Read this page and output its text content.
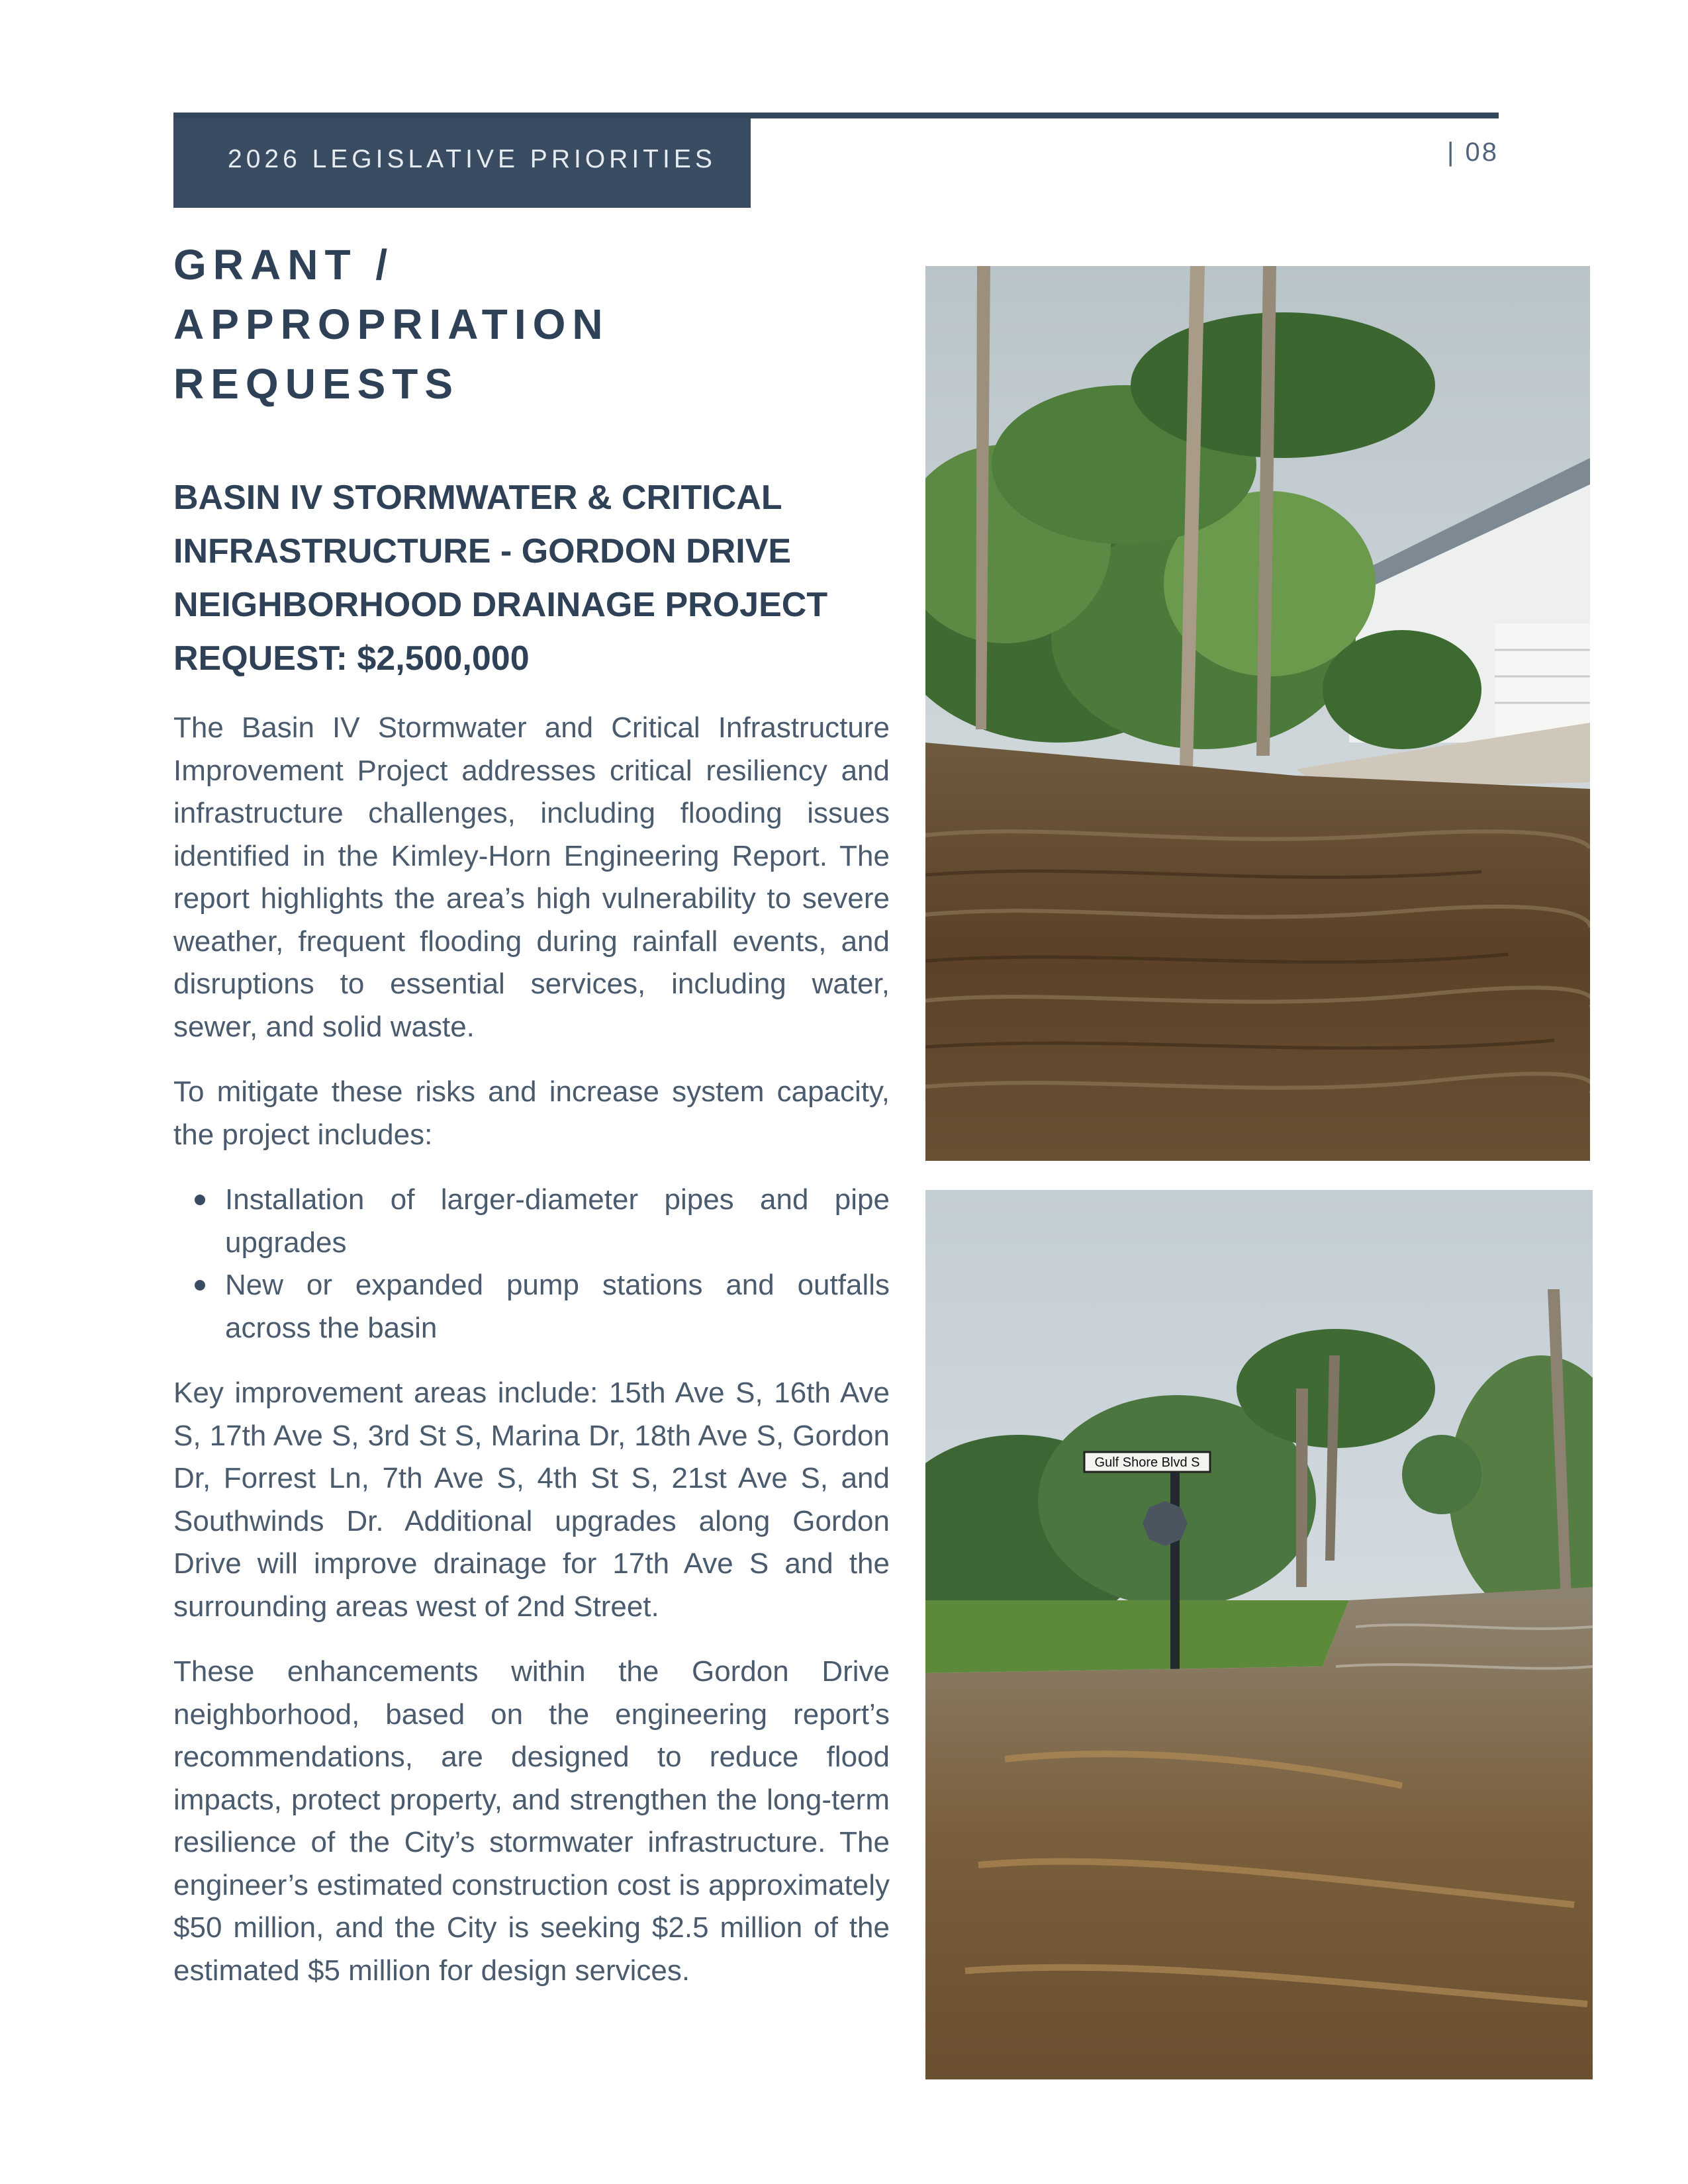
2026 LEGISLATIVE PRIORITIES	| 08
GRANT /
APPROPRIATION
REQUESTS
BASIN IV STORMWATER & CRITICAL
INFRASTRUCTURE - GORDON DRIVE
NEIGHBORHOOD DRAINAGE PROJECT
REQUEST: $2,500,000

The Basin IV Stormwater and Critical Infrastructure Improvement Project addresses critical resiliency and infrastructure challenges, including flooding issues identified in the Kimley-Horn Engineering Report. The report highlights the area’s high vulnerability to severe weather, frequent flooding during rainfall events, and disruptions to essential services, including water, sewer, and solid waste.

To mitigate these risks and increase system capacity, the project includes:

Installation of larger-diameter pipes and pipe upgrades
New or expanded pump stations and outfalls across the basin

Key improvement areas include: 15th Ave S, 16th Ave S, 17th Ave S, 3rd St S, Marina Dr, 18th Ave S, Gordon Dr, Forrest Ln, 7th Ave S, 4th St S, 21st Ave S, and Southwinds Dr. Additional upgrades along Gordon Drive will improve drainage for 17th Ave S and the surrounding areas west of 2nd Street.

These enhancements within the Gordon Drive neighborhood, based on the engineering report’s recommendations, are designed to reduce flood impacts, protect property, and strengthen the long-term resilience of the City’s stormwater infrastructure. The engineer’s estimated construction cost is approximately $50 million, and the City is seeking $2.5 million of the estimated $5 million for design services.

Gulf Shore Blvd S
